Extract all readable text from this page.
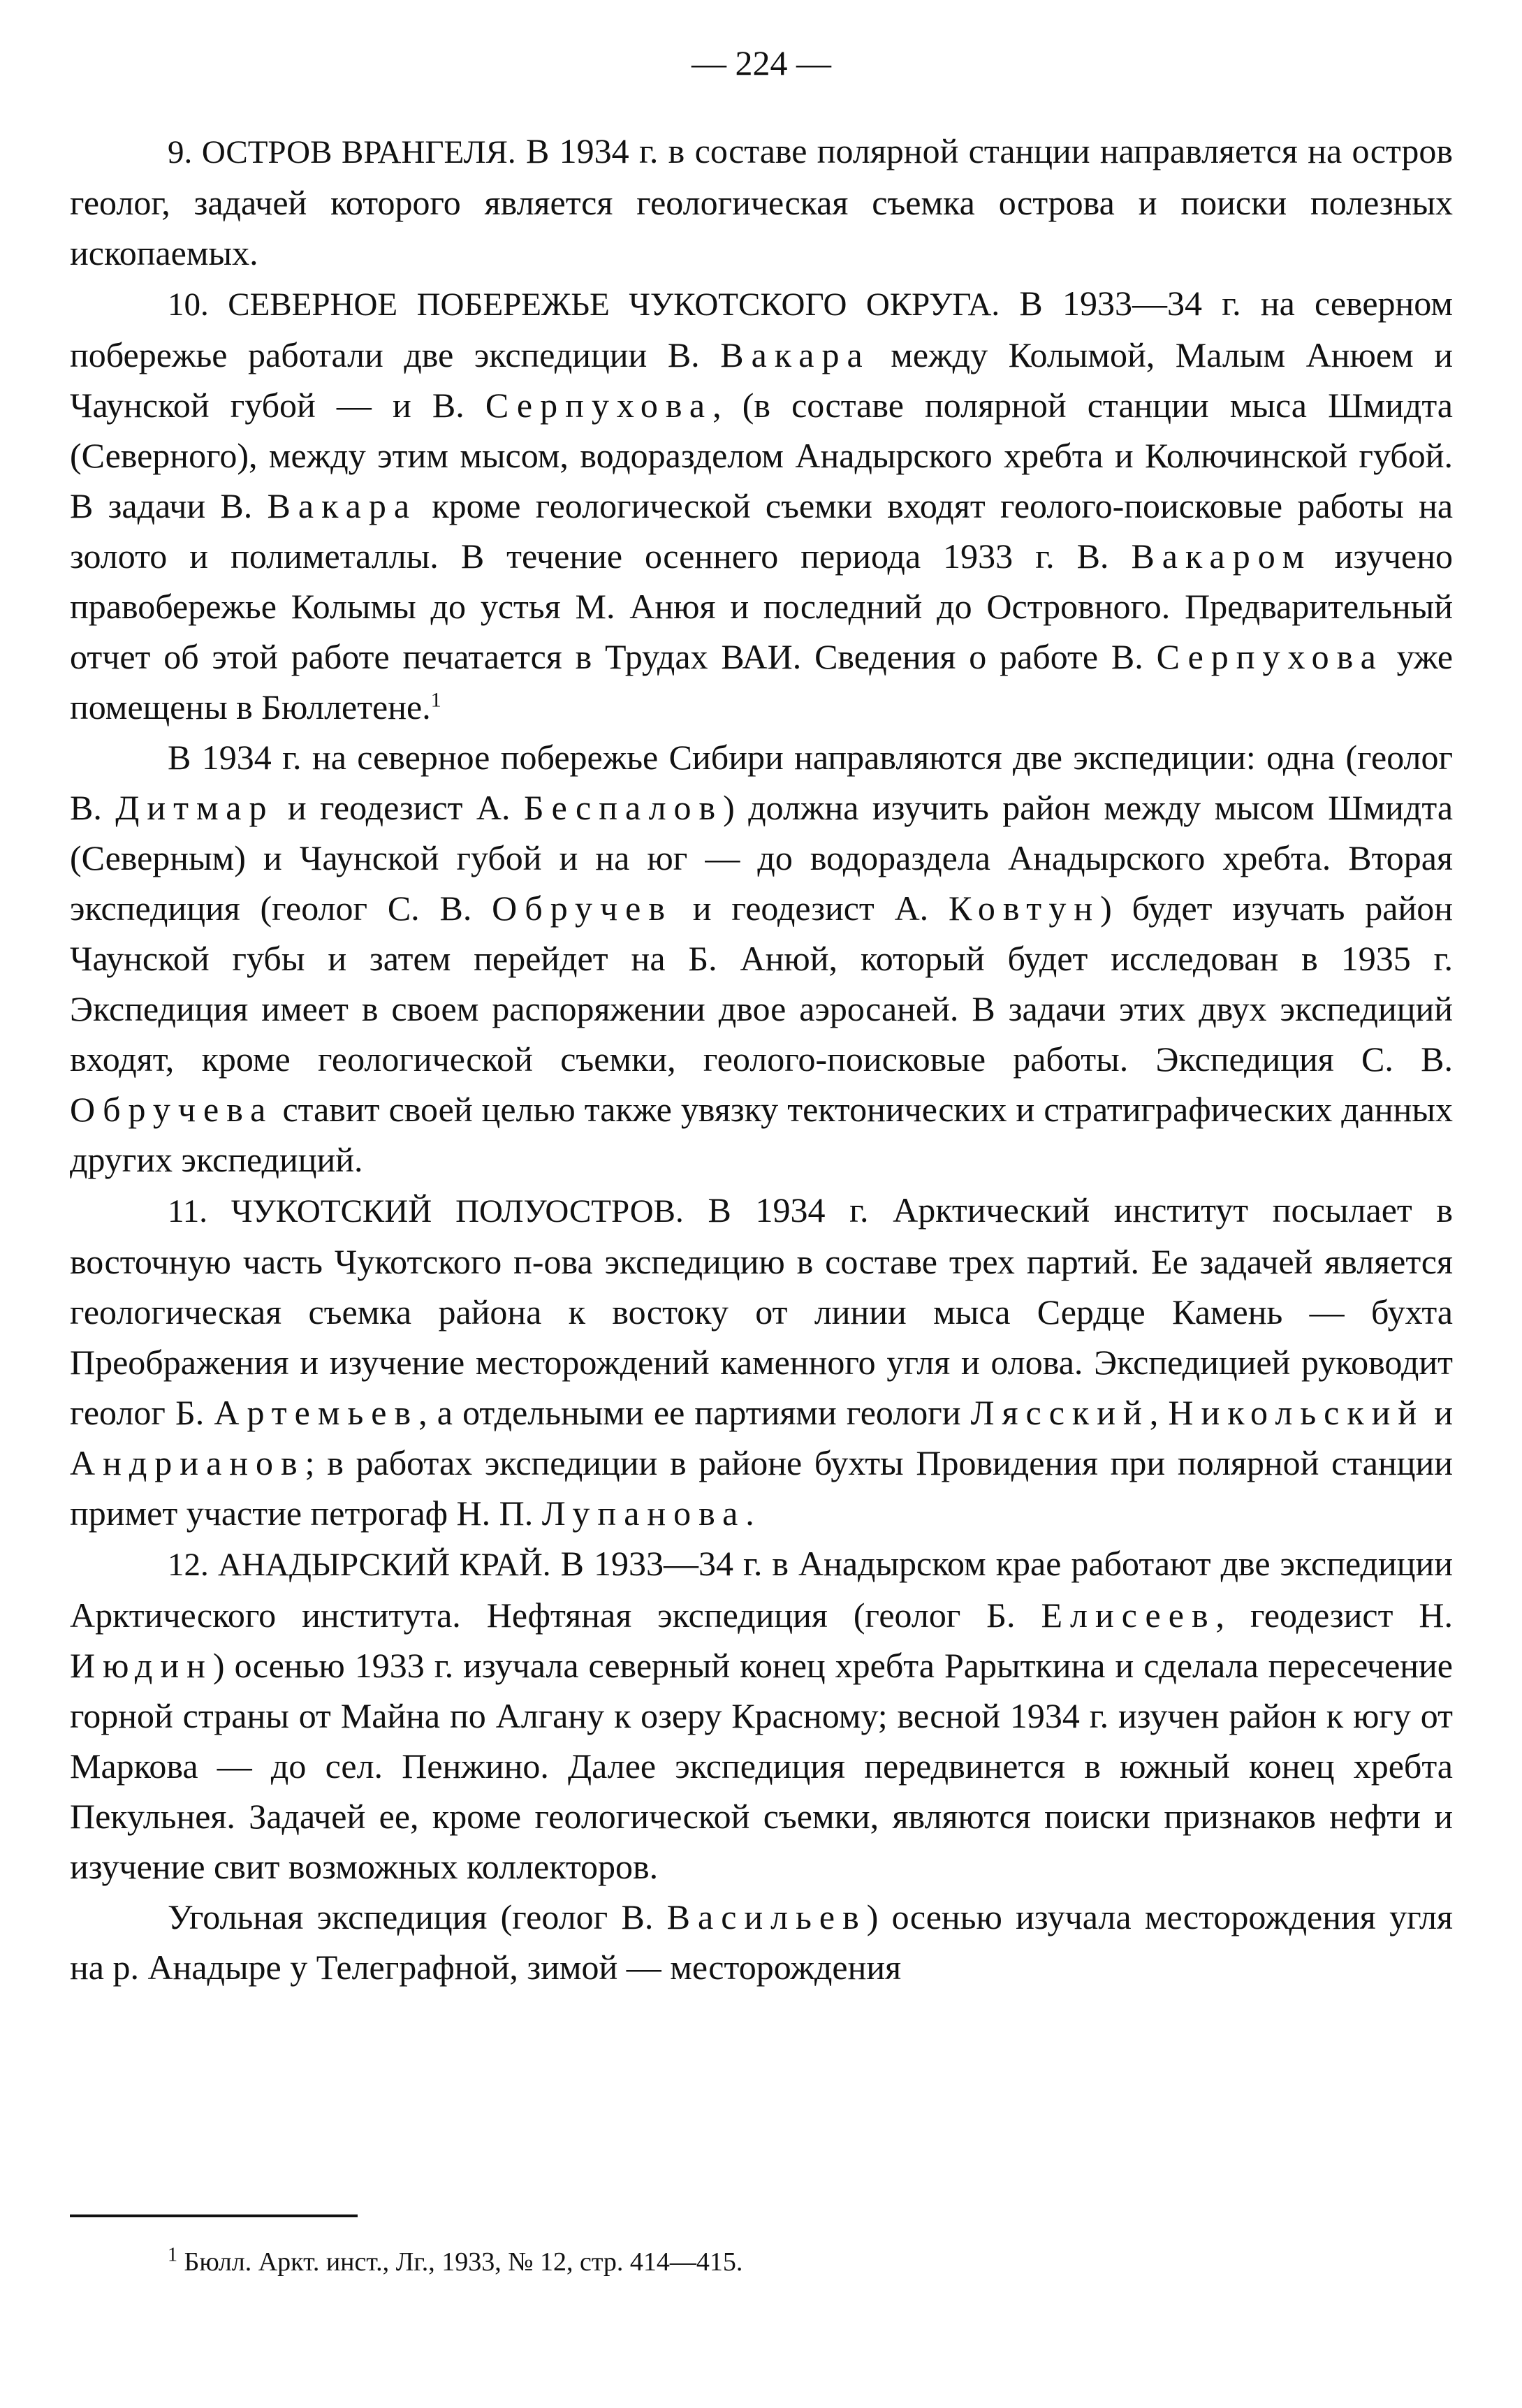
— 224 —

9. ОСТРОВ ВРАНГЕЛЯ. В 1934 г. в составе полярной станции направляется на остров геолог, задачей которого является геологическая съемка острова и поиски полезных ископаемых.

10. СЕВЕРНОЕ ПОБЕРЕЖЬЕ ЧУКОТСКОГО ОКРУГА. В 1933—34 г. на северном побережье работали две экспедиции В. Вакара между Колымой, Малым Анюем и Чаунской губой — и В. Серпухова, (в составе полярной станции мыса Шмидта (Северного), между этим мысом, водоразделом Анадырского хребта и Колючинской губой. В задачи В. Вакара кроме геологической съемки входят геолого-поисковые работы на золото и полиметаллы. В течение осеннего периода 1933 г. В. Вакаром изучено правобережье Колымы до устья М. Анюя и последний до Островного. Предварительный отчет об этой работе печатается в Трудах ВАИ. Сведения о работе В. Серпухова уже помещены в Бюллетене.$^1$

В 1934 г. на северное побережье Сибири направляются две экспедиции: одна (геолог В. Дитмар и геодезист А. Беспалов) должна изучить район между мысом Шмидта (Северным) и Чаунской губой и на юг — до водораздела Анадырского хребта. Вторая экспедиция (геолог С. В. Обручев и геодезист А. Ковтун) будет изучать район Чаунской губы и затем перейдет на Б. Анюй, который будет исследован в 1935 г. Экспедиция имеет в своем распоряжении двое аэросаней. В задачи этих двух экспедиций входят, кроме геологической съемки, геолого-поисковые работы. Экспедиция С. В. Обручева ставит своей целью также увязку тектонических и стратиграфических данных других экспедиций.

11. ЧУКОТСКИЙ ПОЛУОСТРОВ. В 1934 г. Арктический институт посылает в восточную часть Чукотского п-ова экспедицию в составе трех партий. Ее задачей является геологическая съемка района к востоку от линии мыса Сердце Камень — бухта Преображения и изучение месторождений каменного угля и олова. Экспедицией руководит геолог Б. Артемьев, а отдельными ее партиями геологи Лясский, Никольский и Андрианов; в работах экспедиции в районе бухты Провидения при полярной станции примет участие петрогаф Н. П. Лупанова.

12. АНАДЫРСКИЙ КРАЙ. В 1933—34 г. в Анадырском крае работают две экспедиции Арктического института. Нефтяная экспедиция (геолог Б. Елисеев, геодезист Н. Июдин) осенью 1933 г. изучала северный конец хребта Рарыткина и сделала пересечение горной страны от Майна по Алгану к озеру Красному; весной 1934 г. изучен район к югу от Маркова — до сел. Пенжино. Далее экспедиция передвинется в южный конец хребта Пекульнея. Задачей ее, кроме геологической съемки, являются поиски признаков нефти и изучение свит возможных коллекторов.

Угольная экспедиция (геолог В. Васильев) осенью изучала месторождения угля на р. Анадыре у Телеграфной, зимой — месторождения

$^1$ Бюлл. Аркт. инст., Лг., 1933, № 12, стр. 414—415.
